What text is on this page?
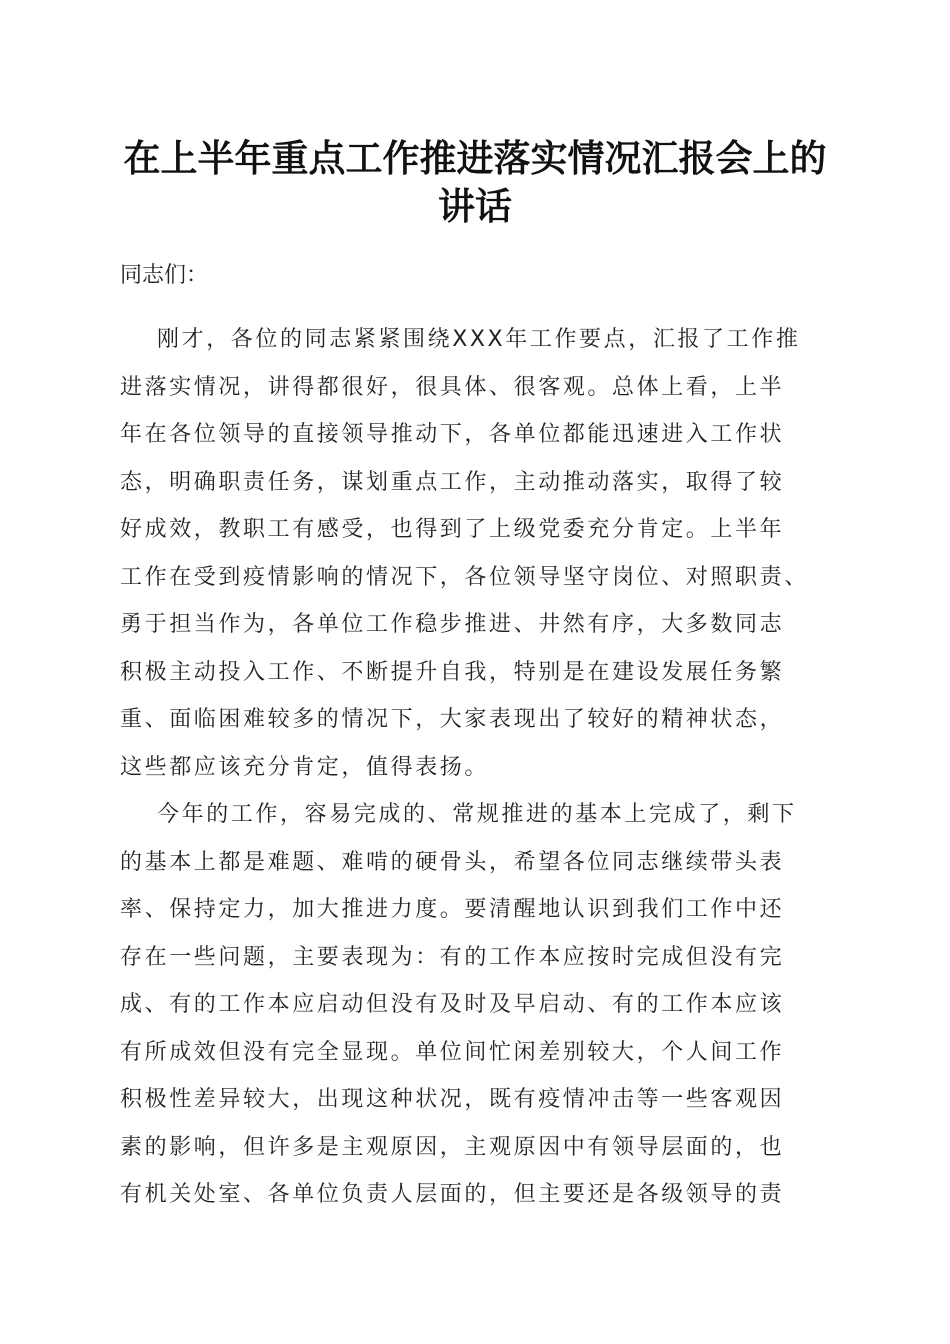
在上半年重点工作推进落实情况汇报会上的讲话

同志们：

刚才，各位的同志紧紧围绕XXX年工作要点，汇报了工作推

进落实情况，讲得都很好，很具体、很客观。总体上看，上半

年在各位领导的直接领导推动下，各单位都能迅速进入工作状

态，明确职责任务，谋划重点工作，主动推动落实，取得了较

好成效，教职工有感受，也得到了上级党委充分肯定。上半年

工作在受到疫情影响的情况下，各位领导坚守岗位、对照职责、

勇于担当作为，各单位工作稳步推进、井然有序，大多数同志

积极主动投入工作、不断提升自我，特别是在建设发展任务繁

重、面临困难较多的情况下，大家表现出了较好的精神状态，

这些都应该充分肯定，值得表扬。

今年的工作，容易完成的、常规推进的基本上完成了，剩下

的基本上都是难题、难啃的硬骨头，希望各位同志继续带头表

率、保持定力，加大推进力度。要清醒地认识到我们工作中还

存在一些问题，主要表现为：有的工作本应按时完成但没有完

成、有的工作本应启动但没有及时及早启动、有的工作本应该

有所成效但没有完全显现。单位间忙闲差别较大，个人间工作

积极性差异较大，出现这种状况，既有疫情冲击等一些客观因

素的影响，但许多是主观原因，主观原因中有领导层面的，也

有机关处室、各单位负责人层面的，但主要还是各级领导的责
